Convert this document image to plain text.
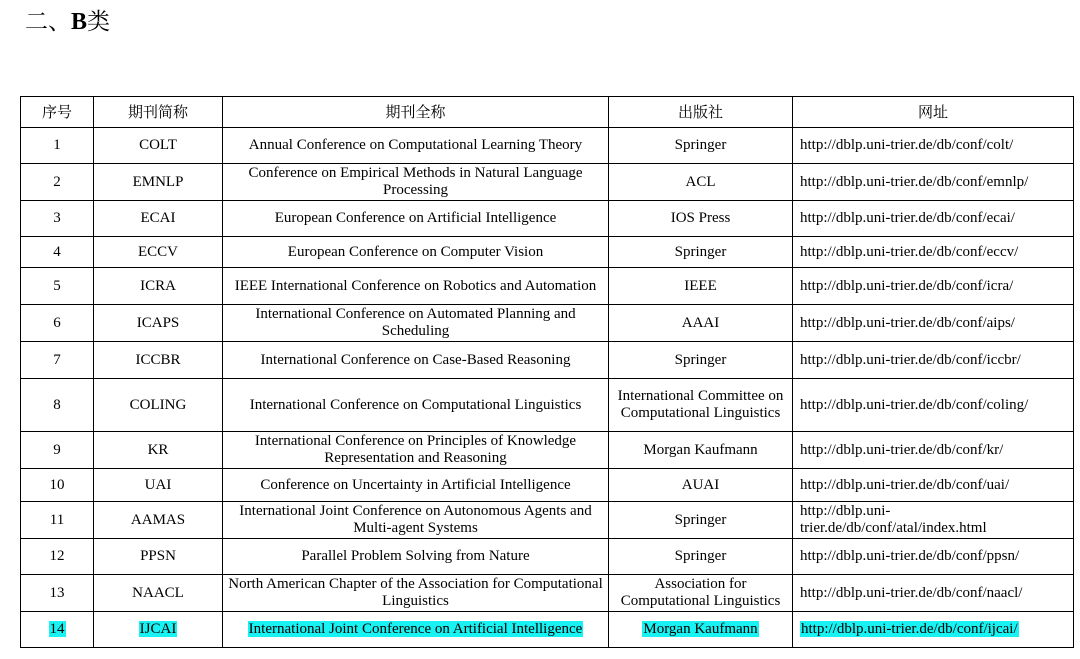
二、B类
序号	期刊简称	期刊全称	出版社	网址
1	COLT	Annual Conference on Computational Learning Theory	Springer	http://dblp.uni-trier.de/db/conf/colt/
2	EMNLP	Conference on Empirical Methods in Natural Language Processing	ACL	http://dblp.uni-trier.de/db/conf/emnlp/
3	ECAI	European Conference on Artificial Intelligence	IOS Press	http://dblp.uni-trier.de/db/conf/ecai/
4	ECCV	European Conference on Computer Vision	Springer	http://dblp.uni-trier.de/db/conf/eccv/
5	ICRA	IEEE International Conference on Robotics and Automation	IEEE	http://dblp.uni-trier.de/db/conf/icra/
6	ICAPS	International Conference on Automated Planning and Scheduling	AAAI	http://dblp.uni-trier.de/db/conf/aips/
7	ICCBR	International Conference on Case-Based Reasoning	Springer	http://dblp.uni-trier.de/db/conf/iccbr/
8	COLING	International Conference on Computational Linguistics	International Committee on Computational Linguistics	http://dblp.uni-trier.de/db/conf/coling/
9	KR	International Conference on Principles of Knowledge Representation and Reasoning	Morgan Kaufmann	http://dblp.uni-trier.de/db/conf/kr/
10	UAI	Conference on Uncertainty in Artificial Intelligence	AUAI	http://dblp.uni-trier.de/db/conf/uai/
11	AAMAS	International Joint Conference on Autonomous Agents and Multi-agent Systems	Springer	http://dblp.uni-
trier.de/db/conf/atal/index.html
12	PPSN	Parallel Problem Solving from Nature	Springer	http://dblp.uni-trier.de/db/conf/ppsn/
13	NAACL	North American Chapter of the Association for Computational Linguistics	Association for Computational Linguistics	http://dblp.uni-trier.de/db/conf/naacl/
14	IJCAI	International Joint Conference on Artificial Intelligence	Morgan Kaufmann	http://dblp.uni-trier.de/db/conf/ijcai/
